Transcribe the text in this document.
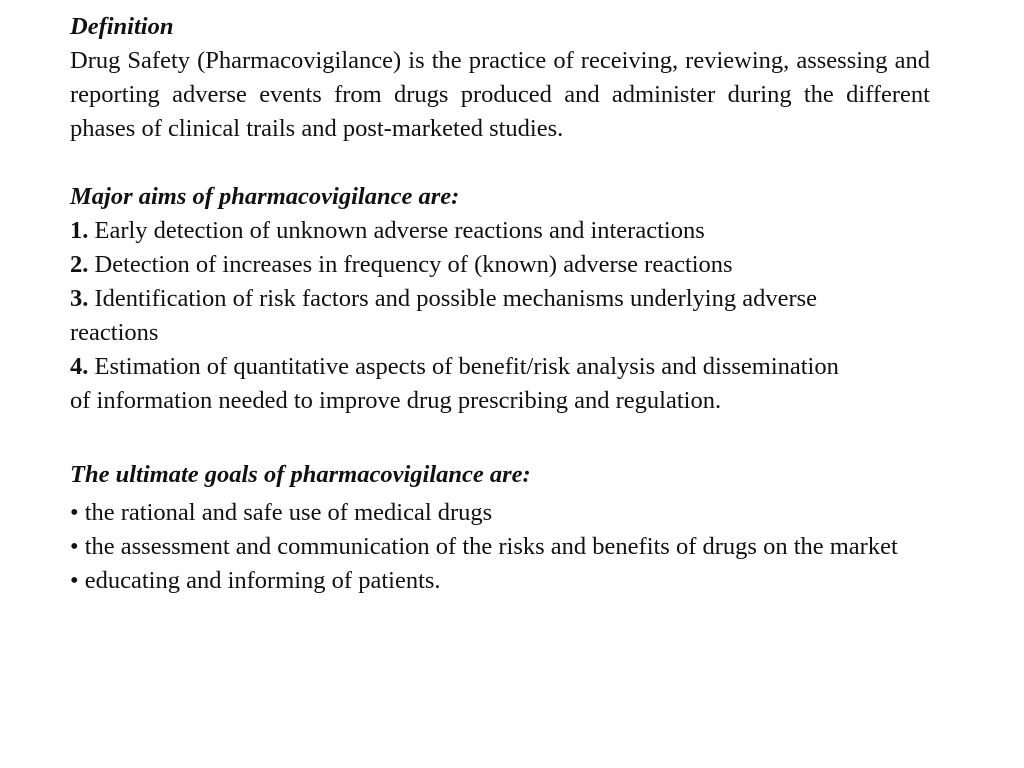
Definition

Drug Safety (Pharmacovigilance) is the practice of receiving, reviewing, assessing and reporting adverse events from drugs produced and administer during the different phases of clinical trails and post-marketed studies.

Major aims of pharmacovigilance are:

1. Early detection of unknown adverse reactions and interactions

2. Detection of increases in frequency of (known) adverse reactions

3. Identification of risk factors and possible mechanisms underlying adverse reactions

4. Estimation of quantitative aspects of benefit/risk analysis and dissemination of information needed to improve drug prescribing and regulation.

The ultimate goals of pharmacovigilance are:

• the rational and safe use of medical drugs

• the assessment and communication of the risks and benefits of drugs on the market

• educating and informing of patients.
